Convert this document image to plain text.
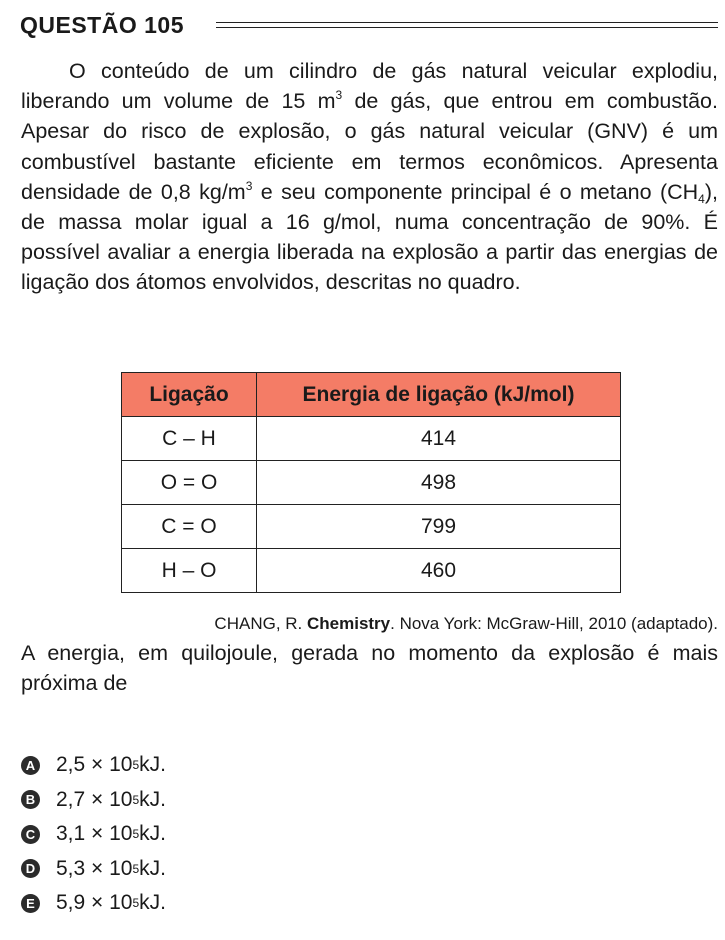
QUESTÃO 105

O conteúdo de um cilindro de gás natural veicular explodiu, liberando um volume de 15 $m^3$ de gás, que entrou em combustão. Apesar do risco de explosão, o gás natural veicular (GNV) é um combustível bastante eficiente em termos econômicos. Apresenta densidade de 0,8 $kg/m^3$ e seu componente principal é o metano $(CH_4)$, de massa molar igual a 16 g/mol, numa concentração de 90%. É possível avaliar a energia liberada na explosão a partir das energias de ligação dos átomos envolvidos, descritas no quadro.

Ligação	Energia de ligação (kJ/mol)
C – H	414
O = O	498
C = O	799
H – O	460
CHANG, R. Chemistry. Nova York: McGraw-Hill, 2010 (adaptado).

A energia, em quilojoule, gerada no momento da explosão é mais próxima de

A 2,5 × 10 5 kJ.
B 2,7 × 10 5 kJ.
C 3,1 × 10 5 kJ.
D 5,3 × 10 5 kJ.
E 5,9 × 10 5 kJ.
